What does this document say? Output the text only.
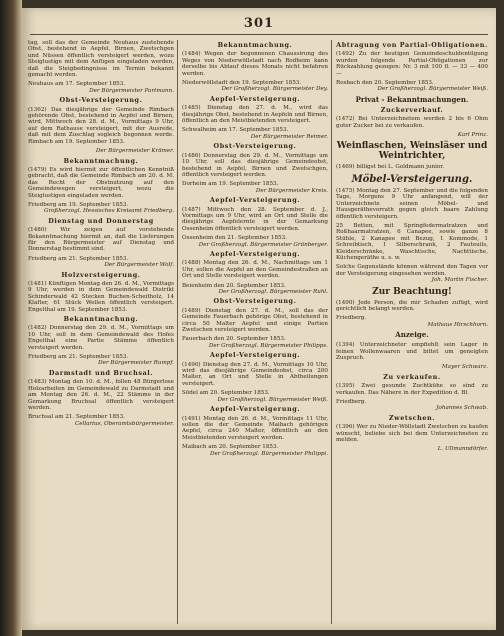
301
tag, soll das der Gemeinde Neuhaus zustehende Obst, bestehend in Aepfel, Birnen, Zwetschgen und Nüssen öffentlich versteigert werden, wozu Steiglustige mit dem Anfügen eingeladen werden, daß die Steigbedingnisse im Termin bekannt gemacht werden.
Neuhaus am 17. September 1853.
Der Bürgermeister Partmann.
Obst-Versteigerung.
(1362) Das diesjährige der Gemeinde Rimbach gehörende Obst, bestehend in Aepfel und Birnen, wird, Mittwoch den 28. d. M., Vormittags 9 Uhr, auf dem Rathause versteigert, mit der Ausrede, daß mit dem Zuschlag sogleich begonnen werde. Rimbach am 19. September 1853.
Der Bürgermeister Krämer.
Bekanntmachung.
(1479) Es wird hiermit zur öffentlichen Kenntniß gebracht, daß die Gemeinde Rimbach am 20. d. M. das Recht der Obstnutzung auf den Gemeindewegen versteigert, wozu die Steiglustigen eingeladen werden.
Friedberg am 19. September 1853.
Großherzogl. Hessisches Kreisamt Friedberg.
Dienstag und Donnerstag
(1480) Wir zeigen auf vorstehende Bekanntmachung hiermit an, daß die Lieferungen für den Bürgermeister auf Dienstag und Donnerstag bestimmt sind.
Friedberg am 21. September 1853.
Der Bürgermeister Wolf.
Holzversteigerung.
(1481) Künftigen Montag den 26. d. M., Vormittags 9 Uhr, werden in dem Gemeindewald Distrikt Schinderwald 42 Stecken Buchen-Scheitholz, 14 Klafter, 61 Stück Wellen öffentlich versteigert. Engelthal am 19. September 1853.
Bekanntmachung.
(1482) Donnerstag den 29. d. M., Vormittags um 10 Uhr, soll in dem Gemeindewald des Hofes Engelthal eine Partie Stämme öffentlich versteigert werden.
Friedberg am 21. September 1853.
Der Bürgermeister Rumpf.
Darmstadt und Bruchsal.
(1483) Montag den 10. d. M., follen 48 Bürgerlose Holzarbeiten im Gemeindewald zu Darmstadt und am Montag den 26. d. M., 22 Stämme in der Gemarkung Bruchsal öffentlich versteigert werden.
Bruchsal am 21. September 1853.
Cellarius, Oberamtsbürgermeister.
Bekanntmachung.
(1484) Wegen der begonnenen Chaussirung des Weges von Niederwöllstadt nach Rodheim kann derselbe bis Ablauf dieses Monats nicht befahren werden.
Niederwöllstadt den 19. September 1853.
Der Großherzogl. Bürgermeister Dey.
Aepfel-Versteigerung.
(1485) Dienstag den 27. d. M., wird das diesjährige Obst, bestehend in Aepfeln und Birnen, öffentlich an den Meistbietenden versteigert.
Schwalheim am 17. September 1853.
Der Bürgermeister Reimer.
Obst-Versteigerung.
(1486) Donnerstag den 29. d. M., Vormittags um 10 Uhr, soll das diesjährige Gemeindeobst, bestehend in Aepfel, Birnen und Zwetschgen, öffentlich versteigert werden.
Dorheim am 19. September 1853.
Der Bürgermeister Kreis.
Aepfel-Versteigerung.
(1487) Mittwoch den 28. September d. J., Vormittags um 9 Uhr, wird an Ort und Stelle die diesjährige Aepfelernte in der Gemarkung Ossenheim öffentlich versteigert werden.
Ossenheim den 21. September 1853.
Der Großherzogl. Bürgermeister Grünberger.
Aepfel-Versteigerung.
(1488) Montag den 26. d. M., Nachmittags um 1 Uhr, sollen die Aepfel an den Gemeindestraßen an Ort und Stelle versteigert werden.
Beienheim den 20. September 1853.
Der Großherzogl. Bürgermeister Ruhl.
Obst-Versteigerung.
(1489) Dienstag den 27. d. M., soll das der Gemeinde Fauerbach gehörige Obst, bestehend in circa 50 Malter Aepfel und einige Partien Zwetschen versteigert werden.
Fauerbach den 20. September 1853.
Der Großherzogl. Bürgermeister Philipps.
Aepfel-Versteigerung.
(1490) Dienstag den 27. d. M., Vormittags 10 Uhr, wird das diesjährige Gemeindeobst, circa 200 Malter, an Ort und Stelle in Abtheilungen versteigert.
Södel am 20. September 1853.
Der Großherzogl. Bürgermeister Weiß.
Aepfel-Versteigerung.
(1491) Montag den 26. d. M., Vormittags 11 Uhr, sollen die der Gemeinde Maibach gehörigen Aepfel, circa 240 Malter, öffentlich an den Meistbietenden versteigert werden.
Maibach am 20. September 1853.
Der Großherzogl. Bürgermeister Philippi.
Abtragung von Partial-Obligationen.
(1492) Zu der heutigen Gemeindeschuldentilgung wurden folgende Partial-Obligationen zur Rückzahlung gezogen: Nr. 3 mit 100 fl. — 33 — 400 —
Rosbach den 20. September 1853.
Der Großherzogl. Bürgermeister Weiß.
Privat - Bekanntmachungen.
Zuckerverkauf.
(1472) Bei Unterzeichnetem werden 2 bis 6 Ohm guter Zucker bei zu verkaufen.
Karl Prinz.
Weinflaschen, Weinsläser und Weintrichter,
(1469) billigst bei L. Goldmann junior.
Möbel-Versteigerung.
(1475) Montag den 27. September und die folgenden Tage, Morgens 9 Uhr anfangend, will der Unterzeichnete seinen Möbel- und Hausgeräthevorrath gegen gleich baare Zahlung öffentlich versteigern.
25 Betten, mit Springfedermatratzen und Roßhaarmatratzen, 6 Canapee, sowie ganze 8 Stühle, 2 Kanapee mit Bezug, 1 Kommode, 1 Schreibtisch, 1 Silberschrank, 2 Fauteuils, Kleiderschränke, Waschtische, Nachttische, Küchengeräthe u. s. w.
Solche Gegenstände können während den Tagen vor der Versteigerung eingesehen werden.
Joh. Martin Fischer.
Zur Beachtung!
(1490) Jede Person, die mir Schaden zufügt, wird gerichtlich belangt werden.
Friedberg.
Mathaus Hirschhorn.
Anzeige.
(1394) Unterzeichneter empfiehlt sein Lager in feinen Wollenwaaren und bittet um geneigten Zuspruch.
Mayer Schwarz.
Zu verkaufen.
(1395) Zwei gesunde Zuchtkühe so sind zu verkaufen. Das Nähere in der Expedition d. Bl.
Friedberg.
Johannes Schwab.
Zwetschen.
(1396) Wer zu Nieder-Wöllstadt Zwetschen zu kaufen wünscht, beliebe sich bei dem Unterzeichneten zu melden.
L. Ullmanndörfer.
